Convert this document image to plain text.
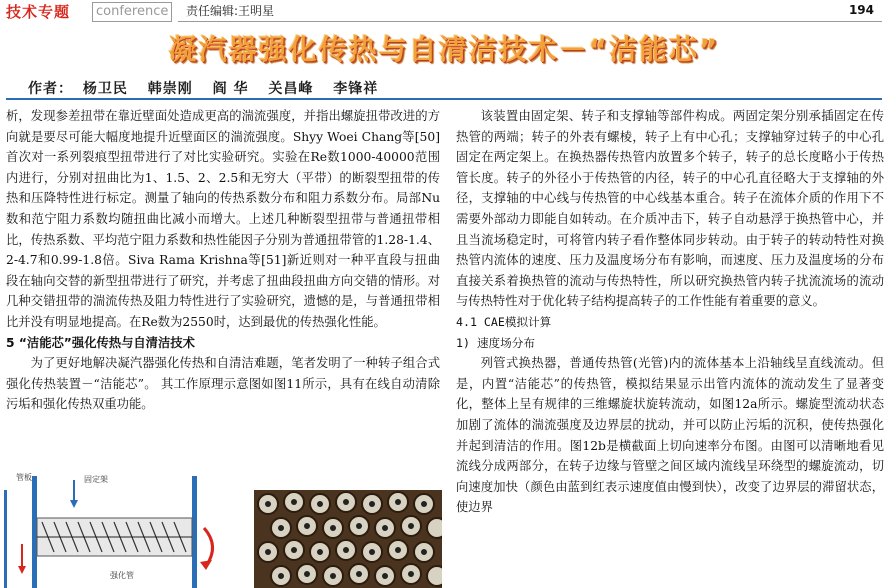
技术专题	conference	责任编辑:王明星	194
凝汽器强化传热与自清洁技术－“洁能芯”
作者： 杨卫民 韩崇刚 阎 华 关昌峰 李锋祥

析，发现参差扭带在靠近壁面处造成更高的湍流强度，并指出螺旋扭带改进的方向就是要尽可能大幅度地提升近壁面区的湍流强度。Shyy Woei Chang等[50]首次对一系列裂痕型扭带进行了对比实验研究。实验在Re数1000-40000范围内进行，分别对扭曲比为1、1.5、2、2.5和无穷大（平带）的断裂型扭带的传热和压降特性进行标定。测量了轴向的传热系数分布和阻力系数分布。局部Nu数和范宁阻力系数均随扭曲比减小而增大。上述几种断裂型扭带与普通扭带相比，传热系数、平均范宁阻力系数和热性能因子分别为普通扭带管的1.28-1.4、2-4.7和0.99-1.8倍。Siva Rama Krishna等[51]新近则对一种平直段与扭曲段在轴向交替的新型扭带进行了研究，并考虑了扭曲段扭曲方向交错的情形。对几种交错扭带的湍流传热及阻力特性进行了实验研究，遗憾的是，与普通扭带相比并没有明显地提高。在Re数为2550时，达到最优的传热强化性能。

5 “洁能芯”强化传热与自清洁技术

为了更好地解决凝汽器强化传热和自清洁难题，笔者发明了一种转子组合式强化传热装置－“洁能芯”。 其工作原理示意图如图11所示，具有在线自动清除污垢和强化传热双重功能。

该装置由固定架、转子和支撑轴等部件构成。两固定架分别承插固定在传热管的两端；转子的外表有螺棱，转子上有中心孔；支撑轴穿过转子的中心孔固定在两定架上。在换热器传热管内放置多个转子，转子的总长度略小于传热管长度。转子的外径小于传热管的内径，转子的中心孔直径略大于支撑轴的外径，支撑轴的中心线与传热管的中心线基本重合。转子在流体介质的作用下不需要外部动力即能自如转动。在介质冲击下，转子自动悬浮于换热管中心，并且当流场稳定时，可将管内转子看作整体同步转动。由于转子的转动特性对换热管内流体的速度、压力及温度场分布有影响，而速度、压力及温度场的分布直接关系着换热管的流动与传热特性，所以研究换热管内转子扰流流场的流动与传热特性对于优化转子结构提高转子的工作性能有着重要的意义。

4.1 CAE模拟计算

1) 速度场分布

列管式换热器，普通传热管(光管)内的流体基本上沿轴线呈直线流动。但是，内置“洁能芯”的传热管，模拟结果显示出管内流体的流动发生了显著变化，整体上呈有规律的三维螺旋状旋转流动，如图12a所示。螺旋型流动状态加剧了流体的湍流强度及边界层的扰动，并可以防止污垢的沉积，使传热强化并起到清洁的作用。图12b是横截面上切向速率分布图。由图可以清晰地看见流线分成两部分，在转子边缘与管壁之间区域内流线呈环绕型的螺旋流动，切向速度加快（颜色由蓝到红表示速度值由慢到快），改变了边界层的滞留状态，使边界

管板	固定架
强化管
